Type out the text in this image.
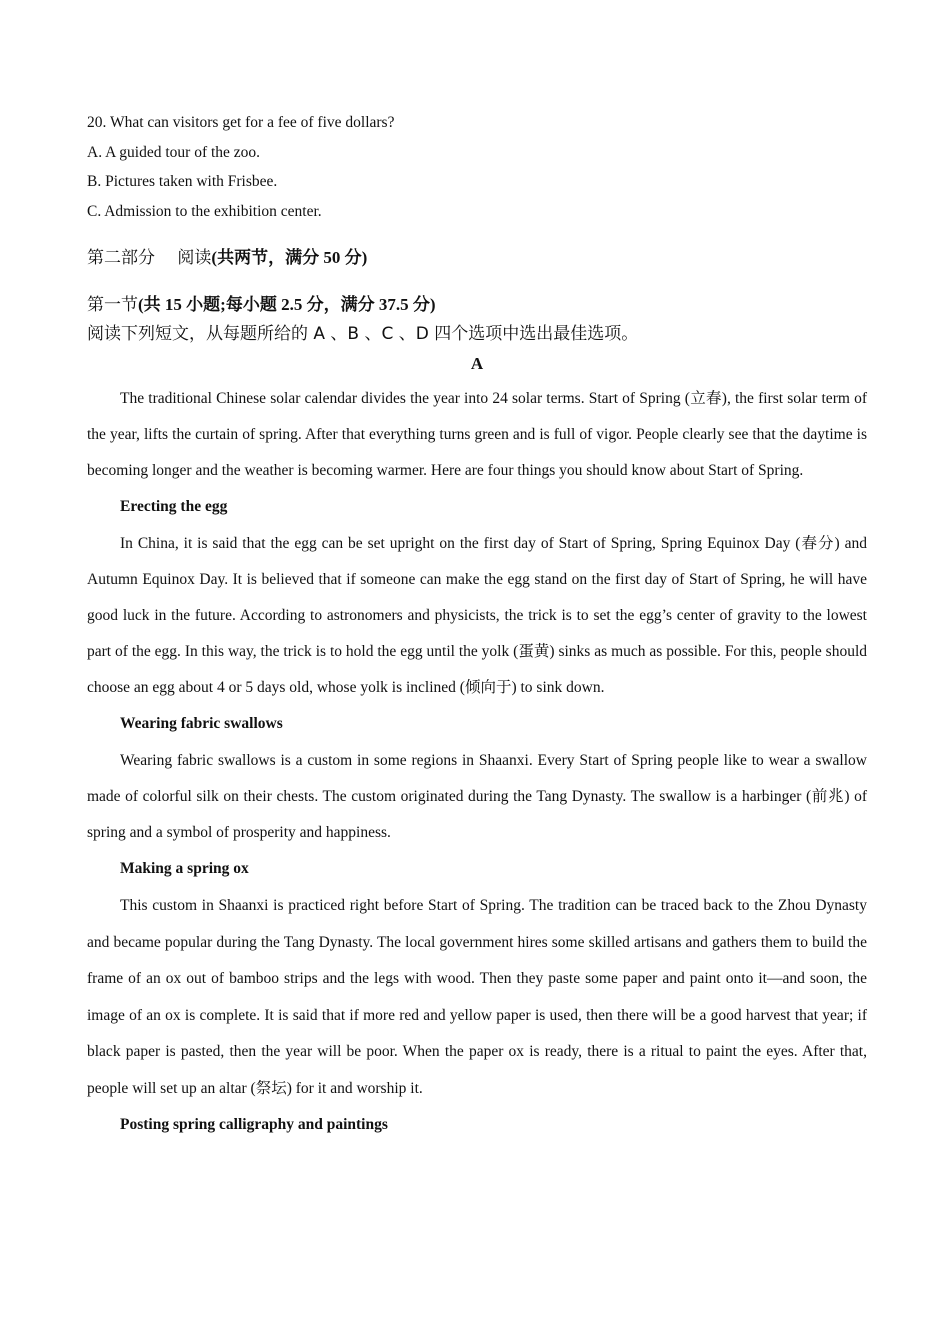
20. What can visitors get for a fee of five dollars?

A. A guided tour of the zoo.

B. Pictures taken with Frisbee.

C. Admission to the exhibition center.

第二部分　 阅读(共两节，满分 50 分)

第一节(共 15 小题;每小题 2.5 分，满分 37.5 分)

阅读下列短文，从每题所给的 A 、B 、C 、D 四个选项中选出最佳选项。

A

The traditional Chinese solar calendar divides the year into 24 solar terms. Start of Spring (立春), the first solar term of the year, lifts the curtain of spring. After that everything turns green and is full of vigor. People clearly see that the daytime is becoming longer and the weather is becoming warmer. Here are four things you should know about Start of Spring.

Erecting the egg

In China, it is said that the egg can be set upright on the first day of Start of Spring, Spring Equinox Day (春分) and Autumn Equinox Day. It is believed that if someone can make the egg stand on the first day of Start of Spring, he will have good luck in the future. According to astronomers and physicists, the trick is to set the egg’s center of gravity to the lowest part of the egg. In this way, the trick is to hold the egg until the yolk (蛋黄) sinks as much as possible. For this, people should choose an egg about 4 or 5 days old, whose yolk is inclined (倾向于) to sink down.

Wearing fabric swallows

Wearing fabric swallows is a custom in some regions in Shaanxi. Every Start of Spring people like to wear a swallow made of colorful silk on their chests. The custom originated during the Tang Dynasty. The swallow is a harbinger (前兆) of spring and a symbol of prosperity and happiness.

Making a spring ox

This custom in Shaanxi is practiced right before Start of Spring. The tradition can be traced back to the Zhou Dynasty and became popular during the Tang Dynasty. The local government hires some skilled artisans and gathers them to build the frame of an ox out of bamboo strips and the legs with wood. Then they paste some paper and paint onto it—and soon, the image of an ox is complete. It is said that if more red and yellow paper is used, then there will be a good harvest that year; if black paper is pasted, then the year will be poor. When the paper ox is ready, there is a ritual to paint the eyes. After that, people will set up an altar (祭坛) for it and worship it.

Posting spring calligraphy and paintings
